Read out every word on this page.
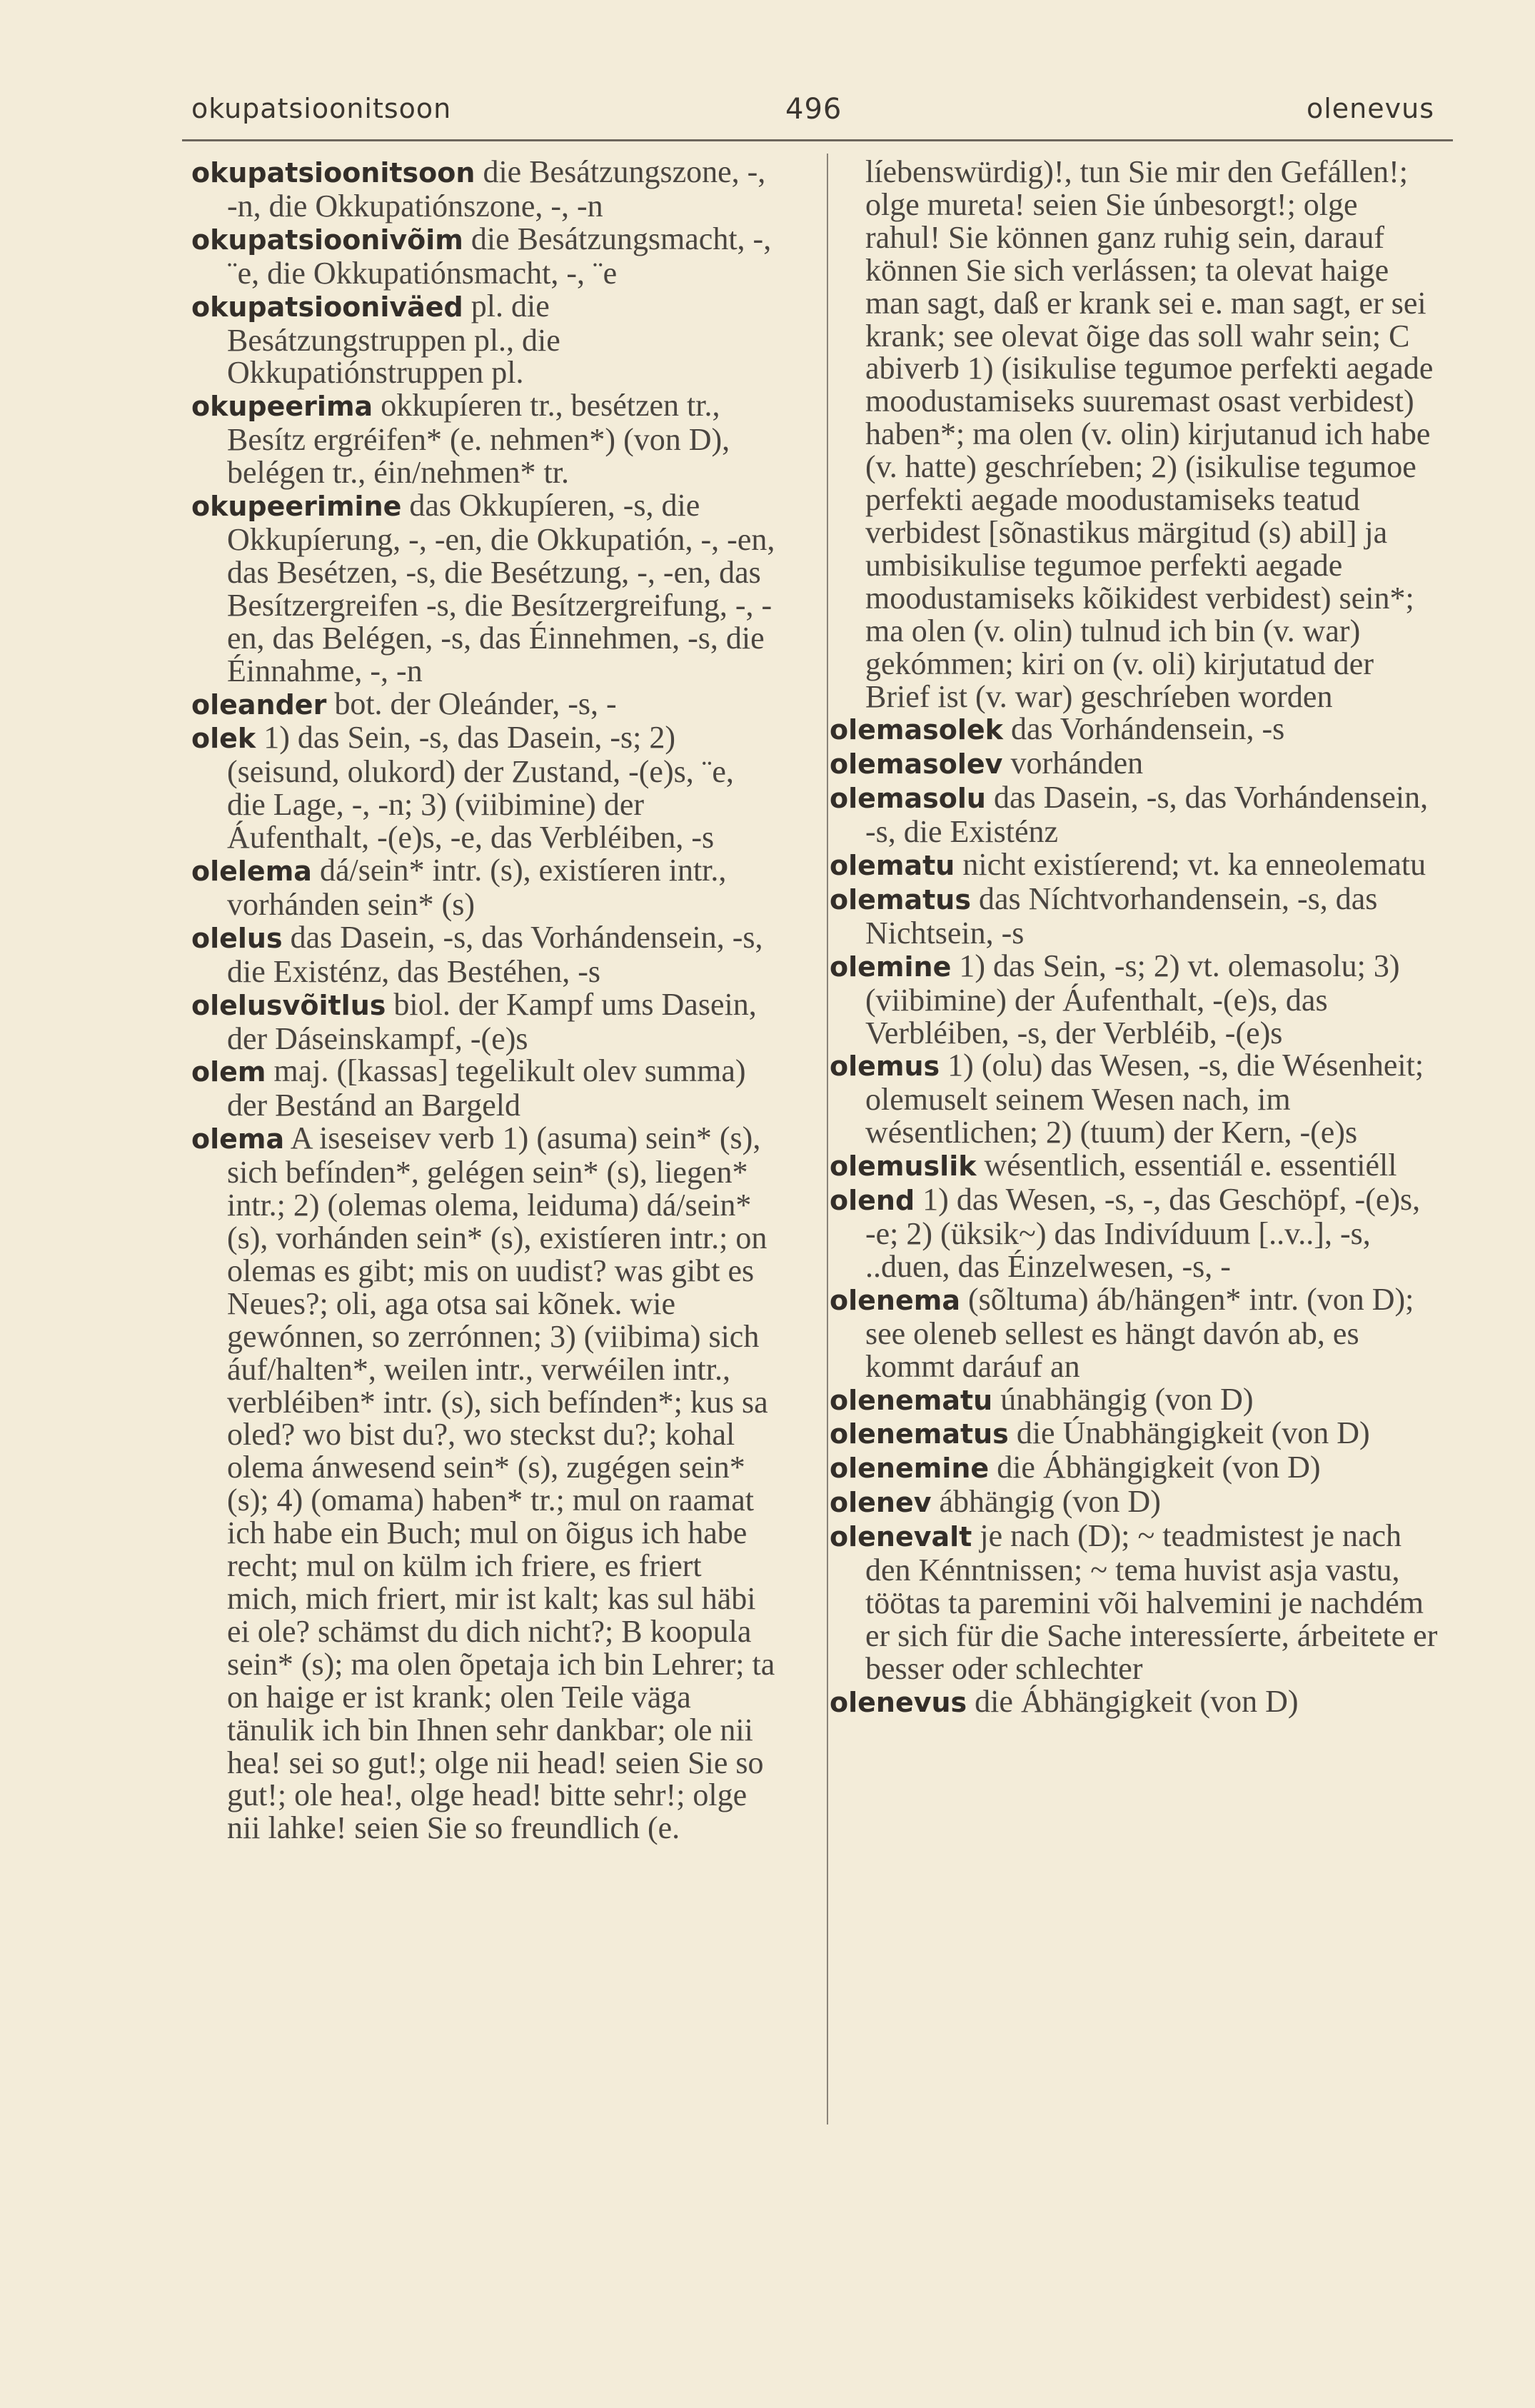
okupatsioonitsoon	496	olenevus

okupatsioonitsoon die Besátzungszone, -, -n, die Okkupatiónszone, -, -n

okupatsioonivõim die Besátzungsmacht, -, ¨e, die Okkupatiónsmacht, -, ¨e

okupatsiooniväed pl. die Besátzungstruppen pl., die Okkupatiónstruppen pl.

okupeerima okkupíeren tr., besétzen tr., Besítz ergréifen* (e. nehmen*) (von D), belégen tr., éin/nehmen* tr.

okupeerimine das Okkupíeren, -s, die Okkupíerung, -, -en, die Okkupatión, -, -en, das Besétzen, -s, die Besétzung, -, -en, das Besítzergreifen -s, die Besítzergreifung, -, -en, das Belégen, -s, das Éinnehmen, -s, die Éinnahme, -, -n

oleander bot. der Oleánder, -s, -

olek 1) das Sein, -s, das Dasein, -s; 2) (seisund, olukord) der Zustand, -(e)s, ¨e, die Lage, -, -n; 3) (viibimine) der Áufenthalt, -(e)s, -e, das Verbléiben, -s

olelema dá/sein* intr. (s), existíeren intr., vorhánden sein* (s)

olelus das Dasein, -s, das Vorhándensein, -s, die Existénz, das Bestéhen, -s

olelusvõitlus biol. der Kampf ums Dasein, der Dáseinskampf, -(e)s

olem maj. ([kassas] tegelikult olev summa) der Bestánd an Bargeld

olema A iseseisev verb 1) (asuma) sein* (s), sich befínden*, gelégen sein* (s), liegen* intr.; 2) (olemas olema, leiduma) dá/sein* (s), vorhánden sein* (s), existíeren intr.; on olemas es gibt; mis on uudist? was gibt es Neues?; oli, aga otsa sai kõnek. wie gewónnen, so zerrónnen; 3) (viibima) sich áuf/halten*, weilen intr., verwéilen intr., verbléiben* intr. (s), sich befínden*; kus sa oled? wo bist du?, wo steckst du?; kohal olema ánwesend sein* (s), zugégen sein* (s); 4) (omama) haben* tr.; mul on raamat ich habe ein Buch; mul on õigus ich habe recht; mul on külm ich friere, es friert mich, mich friert, mir ist kalt; kas sul häbi ei ole? schämst du dich nicht?; B koopula sein* (s); ma olen õpetaja ich bin Lehrer; ta on haige er ist krank; olen Teile väga tänulik ich bin Ihnen sehr dankbar; ole nii hea! sei so gut!; olge nii head! seien Sie so gut!; ole hea!, olge head! bitte sehr!; olge nii lahke! seien Sie so freundlich (e.

líebenswürdig)!, tun Sie mir den Gefállen!; olge mureta! seien Sie únbesorgt!; olge rahul! Sie können ganz ruhig sein, darauf können Sie sich verlássen; ta olevat haige man sagt, daß er krank sei e. man sagt, er sei krank; see olevat õige das soll wahr sein; C abiverb 1) (isikulise tegumoe perfekti aegade moodustamiseks suuremast osast verbidest) haben*; ma olen (v. olin) kirjutanud ich habe (v. hatte) geschríeben; 2) (isikulise tegumoe perfekti aegade moodustamiseks teatud verbidest [sõnastikus märgitud (s) abil] ja umbisikulise tegumoe perfekti aegade moodustamiseks kõikidest verbidest) sein*; ma olen (v. olin) tulnud ich bin (v. war) gekómmen; kiri on (v. oli) kirjutatud der Brief ist (v. war) geschríeben worden

olemasolek das Vorhándensein, -s

olemasolev vorhánden

olemasolu das Dasein, -s, das Vorhándensein, -s, die Existénz

olematu nicht existíerend; vt. ka enneolematu

olematus das Níchtvorhandensein, -s, das Nichtsein, -s

olemine 1) das Sein, -s; 2) vt. olemasolu; 3) (viibimine) der Áufenthalt, -(e)s, das Verbléiben, -s, der Verbléib, -(e)s

olemus 1) (olu) das Wesen, -s, die Wésenheit; olemuselt seinem Wesen nach, im wésentlichen; 2) (tuum) der Kern, -(e)s

olemuslik wésentlich, essentiál e. essentiéll

olend 1) das Wesen, -s, -, das Geschöpf, -(e)s, -e; 2) (üksik~) das Indivíduum [..v..], -s, ..duen, das Éinzelwesen, -s, -

olenema (sõltuma) áb/hängen* intr. (von D); see oleneb sellest es hängt davón ab, es kommt daráuf an

olenematu únabhängig (von D)

olenematus die Únabhängigkeit (von D)

olenemine die Ábhängigkeit (von D)

olenev ábhängig (von D)

olenevalt je nach (D); ~ teadmistest je nach den Kénntnissen; ~ tema huvist asja vastu, töötas ta paremini või halvemini je nachdém er sich für die Sache interessíerte, árbeitete er besser oder schlechter

olenevus die Ábhängigkeit (von D)
